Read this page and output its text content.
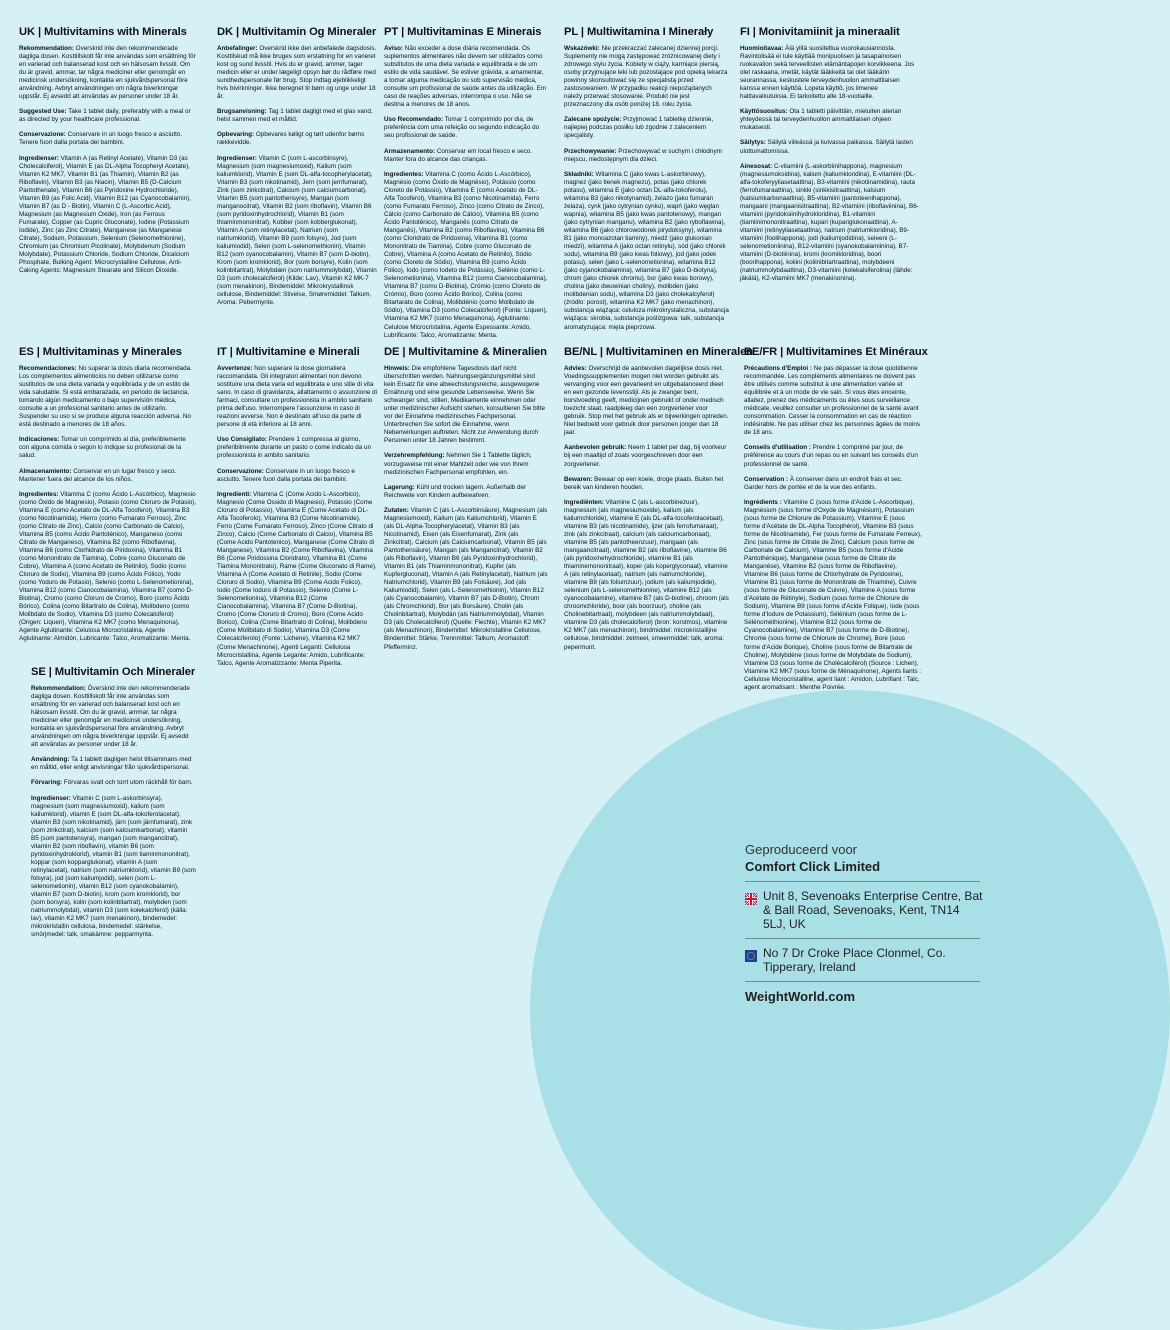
UK | Multivitamins with Minerals

Rekommendation: Overskrid inte den rekommenderade dagliga dosen. Kosttillskott får inte användas som ersättning för en varierad och balanserad kost och en hälsosam livsstil. Om du är gravid, ammar, tar några mediciner eller genomgår en medicinsk undersökning, kontakta en sjukvårdspersonal före användning. Avbryt användningen om några biverkningar uppstår. Ej avsedd att användas av personer under 18 år.

Suggested Use: Take 1 tablet daily, preferably with a meal or as directed by your healthcare professional.

Conservazione: Conservare in un luogo fresco e asciutto. Tenere fuori dalla portata dei bambini.

Ingredienser: Vitamin A (as Retinyl Acetate), Vitamin D3 (as Cholecalciferol), Vitamin E (as DL-Alpha Tocopheryl Acetate), Vitamin K2 MK7, Vitamin B1 (as Thiamin), Vitamin B2 (as Riboflavin), Vitamin B3 (as Niacin), Vitamin B5 (D-Calcium Pantothenate), Vitamin B6 (as Pyridoxine Hydrochloride), Vitamin B9 (as Folic Acid), Vitamin B12 (as Cyanocobalamin), Vitamin B7 (as D - Biotin), Vitamin C (L-Ascorbic Acid), Magnesium (as Magnesium Oxide), Iron (as Ferrous Fumarate), Copper (as Cupric Gluconate), Iodine (Potassium Iodide), Zinc (as Zinc Citrate), Manganese (as Manganese Citrate), Sodium, Potassium, Selenium (Selenomethionine), Chromium (as Chromium Picolinate), Molybdenum (Sodium Molybdate), Potassium Chloride, Sodium Chloride, Dicalcium Phosphate, Bulking Agent: Microcrystalline Cellulose, Anti-Caking Agents: Magnesium Stearate and Silicon Dioxide.

DK | Multivitamin Og Mineraler

Anbefalinger: Overskrid ikke den anbefalede dagsdosis. Kosttilskud må ikke bruges som erstatning for en varieret kost og sund livsstil. Hvis du er gravid, ammer, tager medicin eller er under lægeligt opsyn bør du rådføre med sundhedspersonale før brug. Stop indtag øjeblikkeligt hvis bivirkninger. Ikke beregnet til børn og unge under 18 år.

Brugsanvisning: Tag 1 tablet dagligt med et glas vand, helst sammen med et måltid.

Opbevaring: Opbevares køligt og tørt udenfor børns rækkevidde.

Ingredienser: Vitamin C (som L-ascorbinsyre), Magnesium (som magnesiumoxid), Kalium (som kaliumklorid), Vitamin E (som DL-alfa-tocopherylacetat), Vitamin B3 (som nikotinamid), Jern (som jernfumarat), Zink (som zinkcitrat), Calcium (som calciumcarbonat), Vitamin B5 (som pantothensyre), Mangan (som manganocitrat), Vitamin B2 (som riboflavin), Vitamin B6 (som pyridoxinhydrochlorid), Vitamin B1 (som thiaminmononitrat), Kobber (som kobberglukonat), Vitamin A (som retinylacetat), Natrium (som natriumklorid), Vitamin B9 (som folsyre), Jod (som kaliumiodid), Selen (som L-selenomethionin), Vitamin B12 (som cyanocobalamin), Vitamin B7 (som D-biotin), Krom (som kromklorid), Bor (som borsyre), Kolin (som kolinbitartrat), Molybdæn (som natriummolybdat), Vitamin D3 (som cholecalciferol) (Kilde: Lav), Vitamin K2 MK-7 (som menakinon), Bindemiddel: Mikrokrystallinsk cellulose, Bindemiddel: Stivelse, Smøremiddel: Talkum, Aroma: Pebermynte.

PT | Multivitaminas E Minerais

Aviso: Não exceder a dose diária recomendada. Os suplementos alimentares não devem ser utilizados como substitutos de uma dieta variada e equilibrada e de um estilo de vida saudável. Se estiver grávida, a amamentar, a tomar alguma medicação ou sob supervisão médica, consulte um profissional de saúde antes da utilização. Em caso de reações adversas, interrompa o uso. Não se destina a menores de 18 anos.

Uso Recomendado: Tomar 1 comprimido por dia, de preferência com uma refeição ou segundo indicação do seu profissional de saúde.

Armazenamento: Conservar em local fresco e seco. Manter fora do alcance das crianças.

Ingredientes: Vitamina C (como Ácido L-Ascórbico), Magnésio (como Óxido de Magnésio), Potássio (como Cloreto de Potássio), Vitamina E (como Acetato de DL-Alfa Tocoferol), Vitamina B3 (como Nicotinamida), Ferro (como Fumarato Ferroso), Zinco (como Citrato de Zinco), Cálcio (como Carbonato de Cálcio), Vitamina B5 (como Ácido Pantotênico), Manganês (como Citrato de Manganês), Vitamina B2 (como Riboflavina), Vitamina B6 (como Cloridrato de Piridoxina), Vitamina B1 (como Mononitrato de Tiamina), Cobre (como Gluconato de Cobre), Vitamina A (como Acetato de Retinilo), Sódio (como Cloreto de Sódio), Vitamina B9 (como Ácido Fólico), Iodo (como Iodeto de Potássio), Selénio (como L-Selenometionina), Vitamina B12 (como Cianocobalamina), Vitamina B7 (como D-Biotina), Crómio (como Cloreto de Crómio), Boro (como Ácido Bórico), Colina (como Bitartarato de Colina), Molibdénio (como Molibdato de Sódio), Vitamina D3 (como Colecalciferol) (Fonte: Líquen), Vitamina K2 MK7 (como Menaquinona), Aglutinante: Celulose Microcristalina, Agente Espessante: Amido, Lubrificante: Talco, Aromatizante: Menta.

PL | Multiwitamina I Minerały

Wskazówki: Nie przekraczać zalecanej dziennej porcji. Suplementy nie mogą zastępować zróżnicowanej diety i zdrowego stylu życia. Kobiety w ciąży, karmiące piersią, osoby przyjmujące leki lub pozostające pod opieką lekarza powinny skonsultować się ze specjalistą przed zastosowaniem. W przypadku reakcji niepożądanych należy przerwać stosowanie. Produkt nie jest przeznaczony dla osób poniżej 18. roku życia.

Zalecane spożycie: Przyjmować 1 tabletkę dziennie, najlepiej podczas posiłku lub zgodnie z zaleceniem specjalisty.

Przechowywanie: Przechowywać w suchym i chłodnym miejscu, niedostępnym dla dzieci.

Składniki: Witamina C (jako kwas L-askorbinowy), magnez (jako tlenek magnezu), potas (jako chlorek potasu), witamina E (jako octan DL-alfa-tokoferolu), witamina B3 (jako nikotynamid), żelazo (jako fumaran żelaza), cynk (jako cytrynian cynku), wapń (jako węglan wapnia), witamina B5 (jako kwas pantotenowy), mangan (jako cytrynian manganu), witamina B2 (jako ryboflawina), witamina B6 (jako chlorowodorek pirydoksyny), witamina B1 (jako monoazotan tiaminy), miedź (jako glukonian miedzi), witamina A (jako octan retinylu), sód (jako chlorek sodu), witamina B9 (jako kwas foliowy), jod (jako jodek potasu), selen (jako L-selenometionina), witamina B12 (jako cyjanokobalamina), witamina B7 (jako D-biotyna), chrom (jako chlorek chromu), bor (jako kwas borowy), cholina (jako dwuwinian choliny), molibden (jako molibdenian sodu), witamina D3 (jako cholekalcyferol) (źródło: porost), witamina K2 MK7 (jako menachinon), substancja wiążąca: celuloza mikrokrystaliczna, substancja wiążąca: skrobia, substancja poślizgowa: talk, substancja aromatyzująca: mięta pieprzowa.

FI | Monivitamiinit ja mineraalit

Huomioitavaa: Älä ylitä suositeltua vuorokausiannosta. Ravintolisää ei tule käyttää monipuolisen ja tasapainoisen ruokavalion sekä terveellisten elämäntapojen korvikkeena. Jos olet raskaana, imetät, käytät lääkkeitä tai olet lääkärin seurannassa, keskustele terveydenhuollon ammattilaisen kanssa ennen käyttöä. Lopeta käyttö, jos ilmenee haittavaikutuksia. Ei tarkoitettu alle 18-vuotiaille.

Käyttösuositus: Ota 1 tabletti päivittäin, mieluiten aterian yhteydessä tai terveydenhuollon ammattilaisen ohjeen mukaisesti.

Säilytys: Säilytä viileässä ja kuivassa paikassa. Säilytä lasten ulottumattomissa.

Ainesosat: C-vitamiini (L-askorbiinihappona), magnesium (magnesiumoksidina), kalium (kaliumkloridina), E-vitamiini (DL-alfa-tokoferyyliasetaattina), B3-vitamiini (nikotiinamidina), rauta (ferrofumaraattina), sinkki (sinkkisitraattina), kalsium (kalsiumkarbonaattina), B5-vitamiini (pantoteenihappona), mangaani (mangaanisitraattina), B2-vitamiini (riboflaviinina), B6-vitamiini (pyridoksiinihydrokloridina), B1-vitamiini (tiamiinimononitraattina), kupari (kupariglukonaattina), A-vitamiini (retinyyliasetaattina), natrium (natriumkloridina), B9-vitamiini (foolihappona), jodi (kaliumjodidina), seleeni (L-selenometioniinina), B12-vitamiini (syanokobalamiinina), B7-vitamiini (D-biotiinina), kromi (kromikloridina), boori (boorihappona), koliini (koliinibitartraattina), molybdeeni (natriummolybdaattina), D3-vitamiini (kolekalsiferolina) (lähde: jäkälä), K2-vitamiini MK7 (menakinonina).

ES | Multivitaminas y Minerales

Recomendaciones: No superar la dosis diaria recomendada. Los complementos alimenticios no deben utilizarse como sustitutos de una dieta variada y equilibrada y de un estilo de vida saludable. Si está embarazada, en periodo de lactancia, tomando algún medicamento o bajo supervisión médica, consulte a un profesional sanitario antes de utilizarlo. Suspender su uso si se produce alguna reacción adversa. No está destinado a menores de 18 años.

Indicaciones: Tomar un comprimido al día, preferiblemente con alguna comida o según lo indique su profesional de la salud.

Almacenamiento: Conservar en un lugar fresco y seco. Mantener fuera del alcance de los niños.

Ingredientes: Vitamina C (como Ácido L-Ascórbico), Magnesio (como Óxido de Magnesio), Potasio (como Cloruro de Potasio), Vitamina E (como Acetato de DL-Alfa Tocoferol), Vitamina B3 (como Nicotinamida), Hierro (como Fumarato Ferroso), Zinc (como Citrato de Zinc), Calcio (como Carbonato de Calcio), Vitamina B5 (como Ácido Pantoténico), Manganeso (como Citrato de Manganeso), Vitamina B2 (como Riboflavina), Vitamina B6 (como Clorhidrato de Piridoxina), Vitamina B1 (como Mononitrato de Tiamina), Cobre (como Gluconato de Cobre), Vitamina A (como Acetato de Retinilo), Sodio (como Cloruro de Sodio), Vitamina B9 (como Ácido Fólico), Yodo (como Yoduro de Potasio), Selenio (como L-Selenometionina), Vitamina B12 (como Cianocobalamina), Vitamina B7 (como D-Biotina), Cromo (como Cloruro de Cromo), Boro (como Ácido Bórico), Colina (como Bitartrato de Colina), Molibdeno (como Molibdato de Sodio), Vitamina D3 (como Colecalciferol) (Origen: Liquen), Vitamina K2 MK7 (como Menaquinona), Agente Aglutinante: Celulosa Microcristalina, Agente Aglutinante: Almidón, Lubricante: Talco, Aromatizante: Menta.

IT | Multivitamine e Minerali

Avvertenze: Non superare la dose giornaliera raccomandata. Gli integratori alimentari non devono sostituire una dieta varia ed equilibrata e uno stile di vita sano. In caso di gravidanza, allattamento o assunzione di farmaci, consultare un professionista in ambito sanitario prima dell'uso. Interrompere l'assunzione in caso di reazioni avverse. Non è destinato all'uso da parte di persone di età inferiore ai 18 anni.

Uso Consigliato: Prendere 1 compressa al giorno, preferibilmente durante un pasto o come indicato da un professionista in ambito sanitario.

Conservazione: Conservare in un luogo fresco e asciutto. Tenere fuori dalla portata dei bambini.

Ingredienti: Vitamina C (Come Acido L-Ascorbico), Magnesio (Come Ossido di Magnesio), Potassio (Come Cloruro di Potassio), Vitamina E (Come Acetato di DL-Alfa Tocoferolo), Vitamina B3 (Come Nicotinamide), Ferro (Come Fumarato Ferroso), Zinco (Come Citrato di Zinco), Calcio (Come Carbonato di Calcio), Vitamina B5 (Come Acido Pantotenico), Manganese (Come Citrato di Manganese), Vitamina B2 (Come Riboflavina), Vitamina B6 (Come Piridossina Cloridrato), Vitamina B1 (Come Tiamina Mononitrato), Rame (Come Gluconato di Rame), Vitamina A (Come Acetato di Retinile), Sodio (Come Cloruro di Sodio), Vitamina B9 (Come Acido Folico), Iodio (Come Ioduro di Potassio), Selenio (Come L-Selenometionina), Vitamina B12 (Come Cianocobalamina), Vitamina B7 (Come D-Biotina), Cromo (Come Cloruro di Cromo), Boro (Come Acido Borico), Colina (Come Bitartrato di Colina), Molibdeno (Come Molibdato di Sodio), Vitamina D3 (Come Colecalciferolo) (Fonte: Lichene), Vitamina K2 MK7 (Come Menachinone), Agenti Leganti: Cellulosa Microcristallina, Agente Legante: Amido, Lubrificante: Talco, Agente Aromatizzante: Menta Piperita.

DE | Multivitamine & Mineralien

Hinweis: Die empfohlene Tagesdosis darf nicht überschritten werden. Nahrungsergänzungsmittel sind kein Ersatz für eine abwechslungsreiche, ausgewogene Ernährung und eine gesunde Lebensweise. Wenn Sie schwanger sind, stillen, Medikamente einnehmen oder unter medizinischer Aufsicht stehen, konsultieren Sie bitte vor der Einnahme medizinisches Fachpersonal. Unterbrechen Sie sofort die Einnahme, wenn Nebenwirkungen auftreten. Nicht zur Anwendung durch Personen unter 18 Jahren bestimmt.

Verzehrempfehlung: Nehmen Sie 1 Tablette täglich, vorzugsweise mit einer Mahlzeit oder wie von Ihrem medizinischen Fachpersonal empfohlen, ein.

Lagerung: Kühl und trocken lagern. Außerhalb der Reichweite von Kindern aufbewahren.

Zutaten: Vitamin C (als L-Ascorbinsäure), Magnesium (als Magnesiumoxid), Kalium (als Kaliumchlorid), Vitamin E (als DL-Alpha-Tocopherylacetat), Vitamin B3 (als Nicotinamid), Eisen (als Eisenfumarat), Zink (als Zinkcitrat), Calcium (als Calciumcarbonat), Vitamin B5 (als Pantothensäure), Mangan (als Mangancitrat), Vitamin B2 (als Riboflavin), Vitamin B6 (als Pyridoxinhydrochlorid), Vitamin B1 (als Thiaminmononitrat), Kupfer (als Kupfergluconat), Vitamin A (als Retinylacetat), Natrium (als Natriumchlorid), Vitamin B9 (als Folsäure), Jod (als Kaliumiodid), Selen (als L-Selenomethionin), Vitamin B12 (als Cyanocobalamin), Vitamin B7 (als D-Biotin), Chrom (als Chromchlorid), Bor (als Borsäure), Cholin (als Cholinbitartrat), Molybdän (als Natriummolybdat), Vitamin D3 (als Cholecalciferol) (Quelle: Flechte), Vitamin K2 MK7 (als Menachinon), Bindemittel: Mikrokristalline Cellulose, Bindemittel: Stärke, Trennmittel: Talkum, Aromastoff: Pfefferminz.

BE/NL | Multivitaminen en Mineralen

Advies: Overschrijd de aanbevolen dagelijkse dosis niet. Voedingssupplementen mogen niet worden gebruikt als vervanging voor een gevarieerd en uitgebalanceerd dieet en een gezonde levensstijl. Als je zwanger bent, borstvoeding geeft, medicijnen gebruikt of onder medisch toezicht staat, raadpleeg dan een zorgverlener voor gebruik. Stop met het gebruik als er bijwerkingen optreden. Niet bedoeld voor gebruik door personen jonger dan 18 jaar.

Aanbevolen gebruik: Neem 1 tablet per dag, bij voorkeur bij een maaltijd of zoals voorgeschreven door een zorgverlener.

Bewaren: Bewaar op een koele, droge plaats. Buiten het bereik van kinderen houden.

Ingrediënten: Vitamine C (als L-ascorbinezuur), magnesium (als magnesiumoxide), kalium (als kaliumchloride), vitamine E (als DL-alfa-tocoferolacetaat), vitamine B3 (als nicotinamide), ijzer (als ferrofumaraat), zink (als zinkcitraat), calcium (als calciumcarbonaat), vitamine B5 (als pantotheenzuur), mangaan (als mangaancitraat), vitamine B2 (als riboflavine), vitamine B6 (als pyridoxinehydrochloride), vitamine B1 (als thiaminemononitraat), koper (als koperglyconaat), vitamine A (als retinylacetaat), natrium (als natriumchloride), vitamine B9 (als foliumzuur), jodium (als kaliumjodide), selenium (als L-selenomethionine), vitamine B12 (als cyanocobalamine), vitamine B7 (als D-biotine), chroom (als chroomchloride), boor (als boorzuur), choline (als Cholinebitartraat), molybdeen (als natriummolybdaat), vitamine D3 (als cholecalciferol) (bron: korstmos), vitamine K2 MK7 (als menachinon), bindmiddel: microkristallijne cellulose, bindmiddel: zetmeel, smeermiddel: talk, aroma: pepermunt.

BE/FR | Multivitamines Et Minéraux

Précautions d'Emploi : Ne pas dépasser la dose quotidienne recommandée. Les compléments alimentaires ne doivent pas être utilisés comme substitut à une alimentation variée et équilibrée et à un mode de vie sain. Si vous êtes enceinte, allaitez, prenez des médicaments ou êtes sous surveillance médicale, veuillez consulter un professionnel de la santé avant consommation. Cesser la consommation en cas de réaction indésirable. Ne pas utiliser chez les personnes âgées de moins de 18 ans.

Conseils d'utilisation : Prendre 1 comprimé par jour, de préférence au cours d'un repas ou en suivant les conseils d'un professionnel de santé.

Conservation : À conserver dans un endroit frais et sec. Garder hors de portée et de la vue des enfants.

Ingrédients : Vitamine C (sous forme d'Acide L-Ascorbique), Magnésium (sous forme d'Oxyde de Magnésium), Potassium (sous forme de Chlorure de Potassium), Vitamine E (sous forme d'Acétate de DL-Alpha Tocophérol), Vitamine B3 (sous forme de Nicotinamide), Fer (sous forme de Fumarate Ferreux), Zinc (sous forme de Citrate de Zinc), Calcium (sous forme de Carbonate de Calcium), Vitamine B5 (sous forme d'Acide Pantothénique), Manganèse (sous forme de Citrate de Manganèse), Vitamine B2 (sous forme de Riboflavine), Vitamine B6 (sous forme de Chlorhydrate de Pyridoxine), Vitamine B1 (sous forme de Mononitrate de Thiamine), Cuivre (sous forme de Gluconate de Cuivre), Vitamine A (sous forme d'Acétate de Rétinyle), Sodium (sous forme de Chlorure de Sodium), Vitamine B9 (sous forme d'Acide Folique), Iode (sous forme d'Iodure de Potassium), Sélénium (sous forme de L-Sélénométhionine), Vitamine B12 (sous forme de Cyanocobalamine), Vitamine B7 (sous forme de D-Biotine), Chrome (sous forme de Chlorure de Chrome), Bore (sous forme d'Acide Borique), Choline (sous forme de Bitartrate de Choline), Molybdène (sous forme de Molybdate de Sodium), Vitamine D3 (sous forme de Cholécalciférol) (Source : Lichen), Vitamine K2 MK7 (sous forme de Ménaquinone), Agents liants : Cellulose Microcristalline, agent liant : Amidon, Lubrifiant : Talc, agent aromatisant : Menthe Poivrée.

SE | Multivitamin Och Mineraler

Rekommendation: Överskrid inte den rekommenderade dagliga dosen. Kosttillskott får inte användas som ersättning för en varierad och balanserad kost och en hälsosam livsstil. Om du är gravid, ammar, tar några mediciner eller genomgår en medicinsk undersökning, kontakta en sjukvårdspersonal före användning. Avbryt användningen om några biverkningar uppstår. Ej avsedd att användas av personer under 18 år.

Användning: Ta 1 tablett dagligen helst tillsammans med en måltid, eller enligt anvisningar från sjukvårdspersonal.

Förvaring: Förvaras svalt och torrt utom räckhåll för barn.

Ingredienser: Vitamin C (som L-askorbinsyra), magnesium (som magnesiumoxid), kalium (som kaliumklorid), vitamin E (som DL-alfa-tokoferolacetat), vitamin B3 (som nikotinamid), järn (som järnfumarat), zink (som zinkcitrat), kalcium (som kalciumkarbonat), vitamin B5 (som pantotensyra), mangan (som mangancitrat), vitamin B2 (som riboflavin), vitamin B6 (som pyridoxinhydroklorid), vitamin B1 (som tiaminmononitrat), koppar (som kopparglukonat), vitamin A (som retinylacetat), natrium (som natriumklorid), vitamin B9 (som folsyra), jod (som kaliumjodid), selen (som L-selenometionin), vitamin B12 (som cyanokobalamin), vitamin B7 (som D-biotin), krom (som kromklorid), bor (som borsyra), kolin (som kolinbitartrat), molybden (som natriummolybdat), vitamin D3 (som kolekalciferol) (källa: lav), vitamin K2 MK7 (som menakinon), bindemedel: mikrokristallin cellulosa, bindemedel: stärkelse, smörjmedel: talk, smakämne: pepparmynta.

Geproduceerd voor

Comfort Click Limited

Unit 8, Sevenoaks Enterprise Centre, Bat & Ball Road, Sevenoaks, Kent, TN14 5LJ, UK

No 7 Dr Croke Place Clonmel, Co. Tipperary, Ireland

WeightWorld.com
